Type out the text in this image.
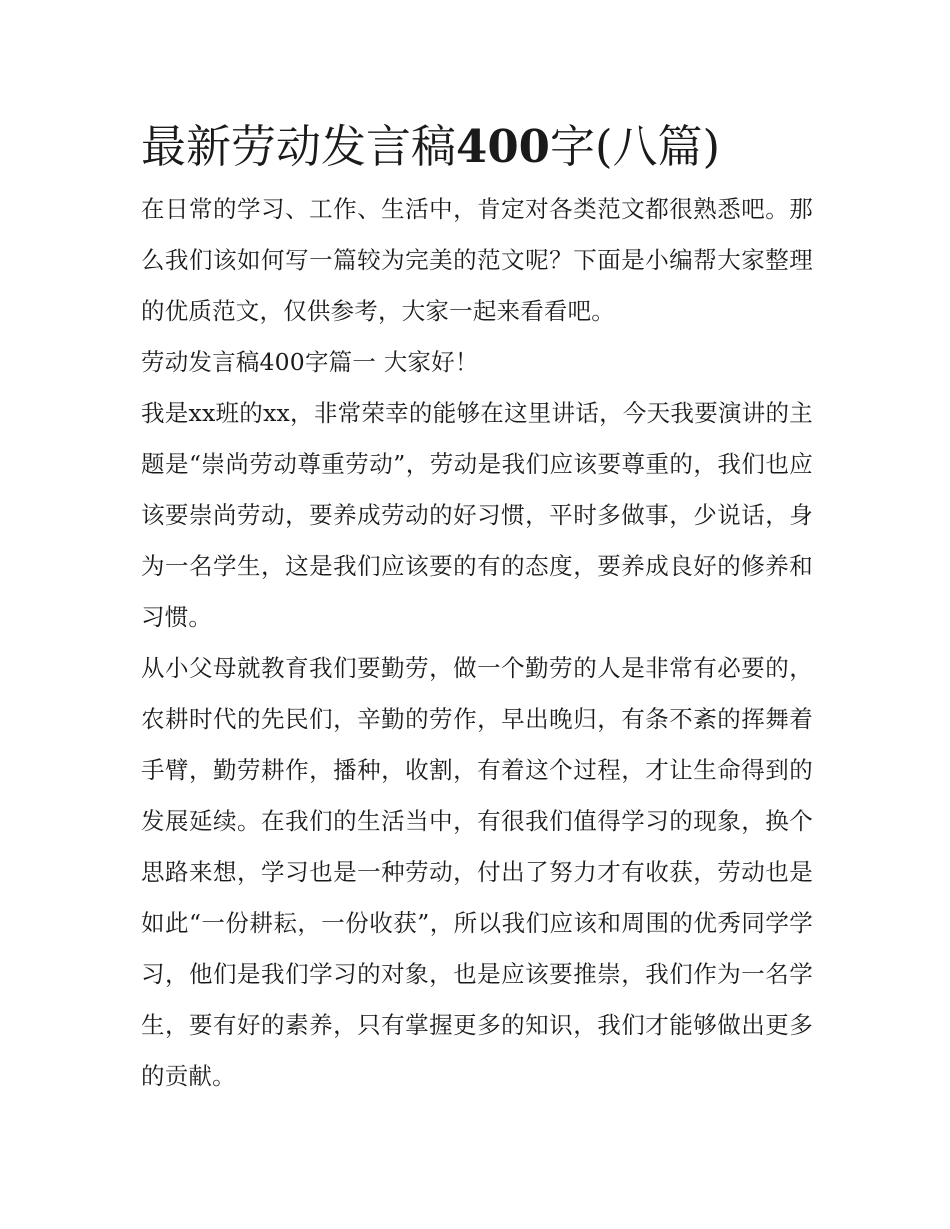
最新劳动发言稿400字(八篇)

在日常的学习、工作、生活中，肯定对各类范文都很熟悉吧。那么我们该如何写一篇较为完美的范文呢？下面是小编帮大家整理的优质范文，仅供参考，大家一起来看看吧。

劳动发言稿400字篇一 大家好！

我是xx班的xx，非常荣幸的能够在这里讲话，今天我要演讲的主题是“崇尚劳动尊重劳动”，劳动是我们应该要尊重的，我们也应该要崇尚劳动，要养成劳动的好习惯，平时多做事，少说话，身为一名学生，这是我们应该要的有的态度，要养成良好的修养和习惯。

从小父母就教育我们要勤劳，做一个勤劳的人是非常有必要的，农耕时代的先民们，辛勤的劳作，早出晚归，有条不紊的挥舞着手臂，勤劳耕作，播种，收割，有着这个过程，才让生命得到的发展延续。在我们的生活当中，有很我们值得学习的现象，换个思路来想，学习也是一种劳动，付出了努力才有收获，劳动也是如此“一份耕耘，一份收获”，所以我们应该和周围的优秀同学学习，他们是我们学习的对象，也是应该要推崇，我们作为一名学生，要有好的素养，只有掌握更多的知识，我们才能够做出更多的贡献。
